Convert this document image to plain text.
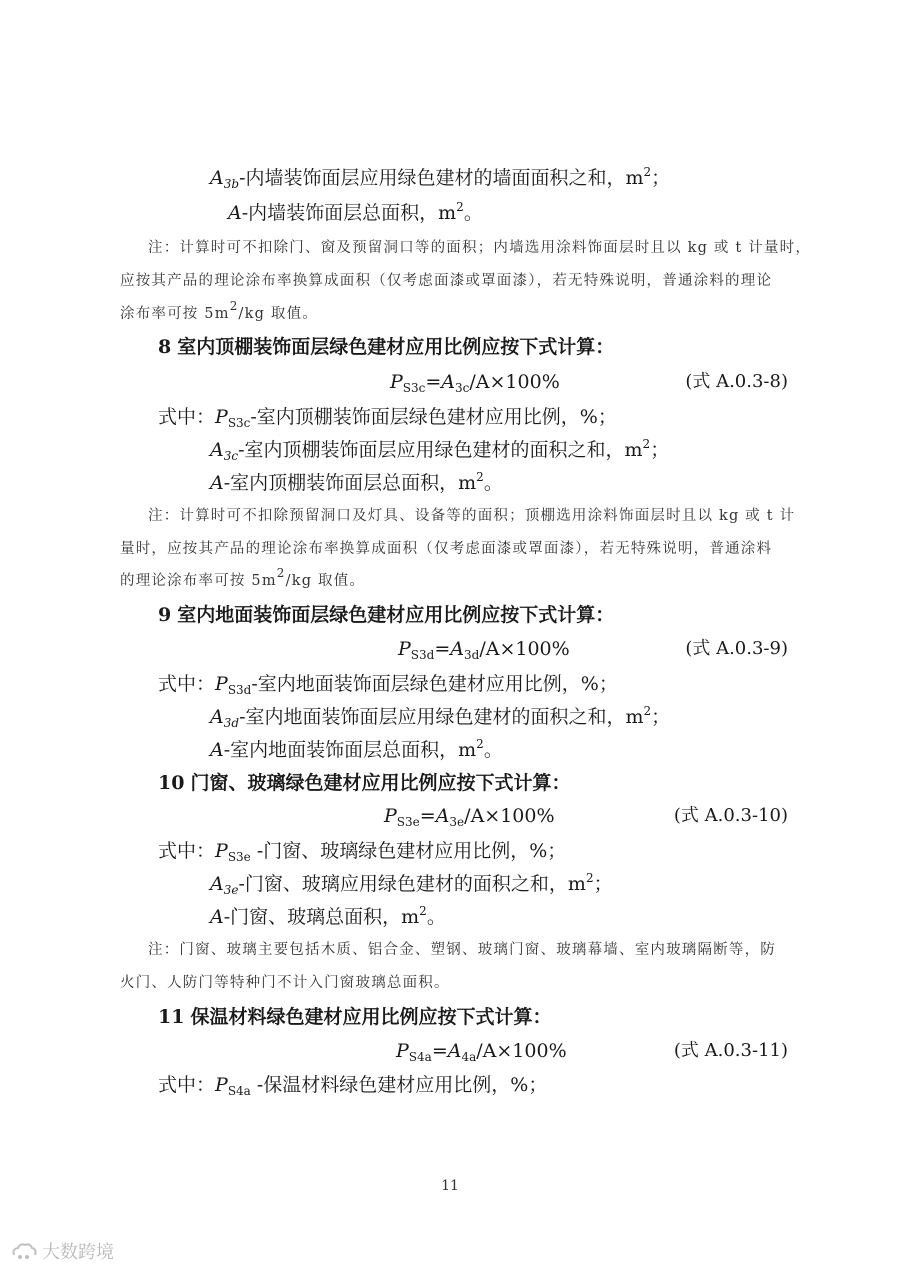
$A_{3b}-$内墙装饰面层应用绿色建材的墙面面积之和，$m^2$；
A-内墙装饰面层总面积，$m^2$。
注：计算时可不扣除门、窗及预留洞口等的面积；内墙选用涂料饰面层时且以 kg 或 t 计量时，
应按其产品的理论涂布率换算成面积（仅考虑面漆或罩面漆），若无特殊说明，普通涂料的理论
涂布率可按 $5m^2/kg$ 取值。
8 室内顶棚装饰面层绿色建材应用比例应按下式计算：
$P_{S3c}=A_{3c}/A\times 100\%$	(式 A.0.3-8)
式中：$P_{S3c}-$室内顶棚装饰面层绿色建材应用比例，%；
$A_{3c}-$室内顶棚装饰面层应用绿色建材的面积之和，$m^2$；
A-室内顶棚装饰面层总面积，$m^2$。
注：计算时可不扣除预留洞口及灯具、设备等的面积；顶棚选用涂料饰面层时且以 kg 或 t 计
量时，应按其产品的理论涂布率换算成面积（仅考虑面漆或罩面漆），若无特殊说明，普通涂料
的理论涂布率可按 $5m^2/kg$ 取值。
9 室内地面装饰面层绿色建材应用比例应按下式计算：
$P_{S3d}=A_{3d}/A\times 100\%$	(式 A.0.3-9)
式中：$P_{S3d}-$室内地面装饰面层绿色建材应用比例，%；
$A_{3d}-$室内地面装饰面层应用绿色建材的面积之和，$m^2$；
A-室内地面装饰面层总面积，$m^2$。
10 门窗、玻璃绿色建材应用比例应按下式计算：
$P_{S3e}=A_{3e}/A\times 100\%$	(式 A.0.3-10)
式中：$P_{S3e}$ -门窗、玻璃绿色建材应用比例，%；
$A_{3e}-$门窗、玻璃应用绿色建材的面积之和，$m^2$；
A-门窗、玻璃总面积，$m^2$。
注：门窗、玻璃主要包括木质、铝合金、塑钢、玻璃门窗、玻璃幕墙、室内玻璃隔断等，防
火门、人防门等特种门不计入门窗玻璃总面积。
11 保温材料绿色建材应用比例应按下式计算：
$P_{S4a}=A_{4a}/A\times 100\%$	(式 A.0.3-11)
式中：$P_{S4a}$ -保温材料绿色建材应用比例，%；
11
大数跨境
